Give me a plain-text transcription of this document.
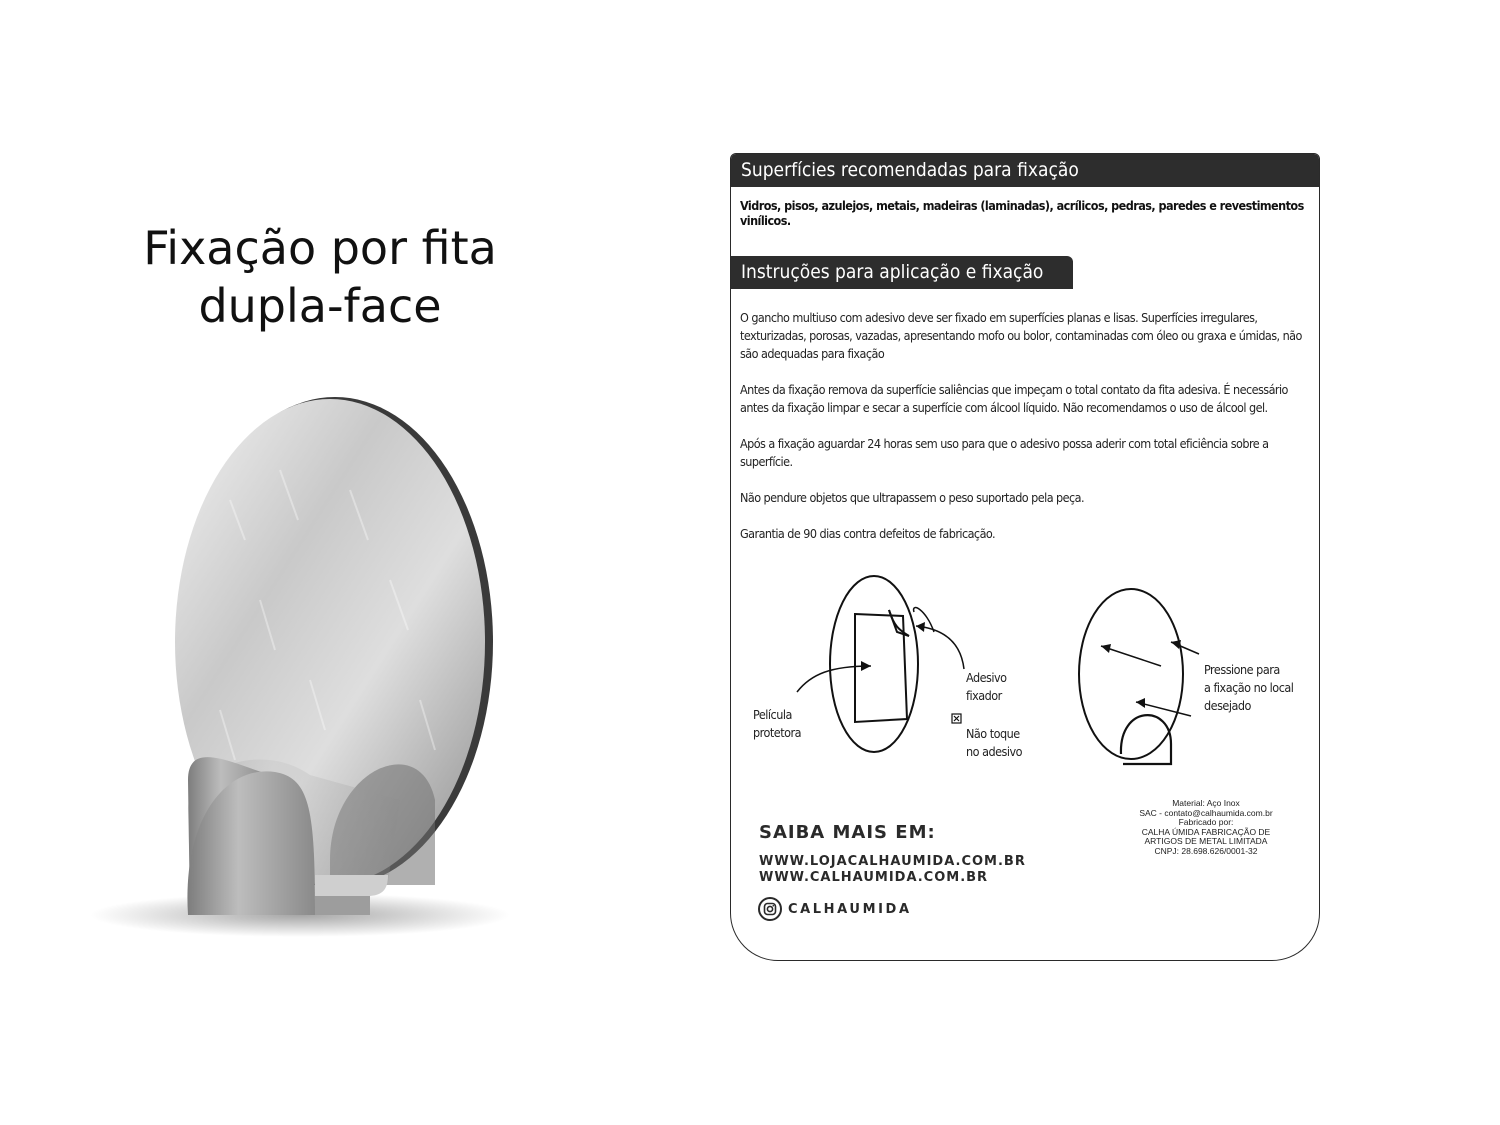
Fixação por fita
dupla-face
Superfícies recomendadas para fixação
Vidros, pisos, azulejos, metais, madeiras (laminadas), acrílicos, pedras, paredes e revestimentos vinílicos.
Instruções para aplicação e fixação

O gancho multiuso com adesivo deve ser fixado em superfícies planas e lisas. Superfícies irregulares, texturizadas, porosas, vazadas, apresentando mofo ou bolor, contaminadas com óleo ou graxa e úmidas, não são adequadas para fixação

Antes da fixação remova da superfície saliências que impeçam o total contato da fita adesiva. É necessário antes da fixação limpar e secar a superfície com álcool líquido. Não recomendamos o uso de álcool gel.

Após a fixação aguardar 24 horas sem uso para que o adesivo possa aderir com total eficiência sobre a superfície.

Não pendure objetos que ultrapassem o peso suportado pela peça.

Garantia de 90 dias contra defeitos de fabricação.

Película
protetora
Adesivo
fixador
Não toque
no adesivo
Pressione para
a fixação no local
desejado
Material: Aço Inox
SAC - contato@calhaumida.com.br
Fabricado por:
CALHA ÚMIDA FABRICAÇÃO DE
ARTIGOS DE METAL LIMITADA
CNPJ: 28.698.626/0001-32
SAIBA MAIS EM:
WWW.LOJACALHAUMIDA.COM.BR
WWW.CALHAUMIDA.COM.BR
CALHAUMIDA
